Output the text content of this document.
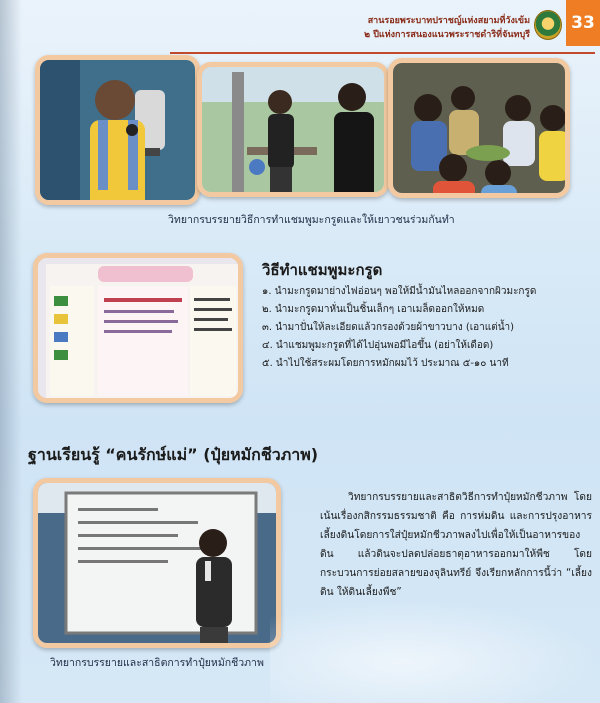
สานรอยพระบาทปราชญ์แห่งสยามที่วังเข้ม
๒ ปีแห่งการสนองแนวพระราชดำริที่จันทบุรี
33
วิทยากรบรรยายวิธีการทำแชมพูมะกรูดและให้เยาวชนร่วมกันทำ
วิธีทำแชมพูมะกรูด
๑. นำมะกรูดมาย่างไฟอ่อนๆ พอให้มีน้ำมันไหลออกจากผิวมะกรูด
๒. นำมะกรูดมาหั่นเป็นชิ้นเล็กๆ เอาเมล็ดออกให้หมด
๓. นำมาปั่นให้ละเอียดแล้วกรองด้วยผ้าขาวบาง (เอาแต่น้ำ)
๔. นำแชมพูมะกรูดที่ได้ไปอุ่นพอมีไอขึ้น (อย่าให้เดือด)
๕. นำไปใช้สระผมโดยการหมักผมไว้ ประมาณ ๕-๑๐ นาที
ฐานเรียนรู้ “คนรักษ์แม่” (ปุ๋ยหมักชีวภาพ)

วิทยากรบรรยายและสาธิตวิธีการทำปุ๋ยหมักชีวภาพ โดยเน้นเรื่องกสิกรรมธรรมชาติ คือ การห่มดิน และการปรุงอาหารเลี้ยงดินโดยการใส่ปุ๋ยหมักชีวภาพลงไปเพื่อให้เป็นอาหารของดิน แล้วดินจะปลดปล่อยธาตุอาหารออกมาให้พืช โดยกระบวนการย่อยสลายของจุลินทรีย์ จึงเรียกหลักการนี้ว่า “เลี้ยงดิน ให้ดินเลี้ยงพืช”

วิทยากรบรรยายและสาธิตการทำปุ๋ยหมักชีวภาพ
